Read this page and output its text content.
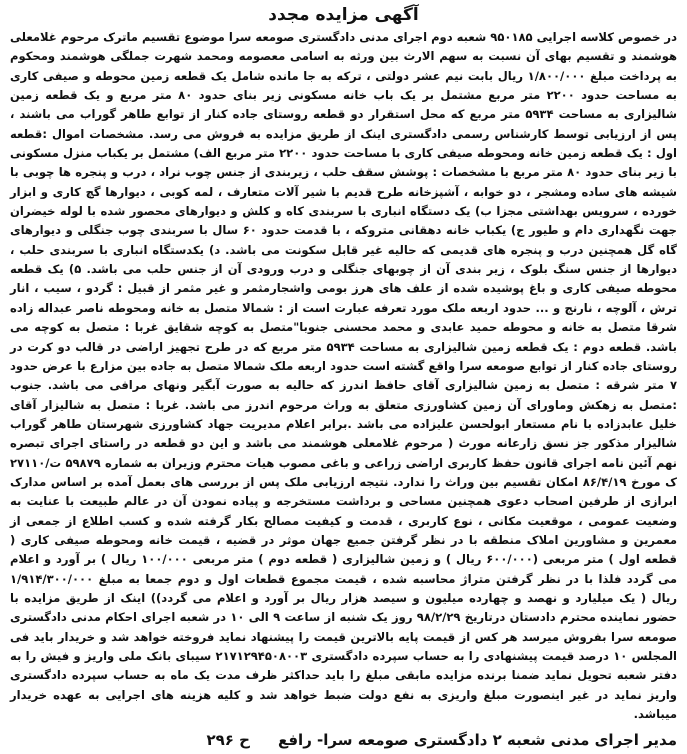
آگهی مزایده مجدد

در خصوص کلاسه اجرایی ۹۵۰۱۸۵ شعبه دوم اجرای مدنی دادگستری صومعه سرا موضوع تقسیم ماترک مرحوم غلامعلی هوشمند و تقسیم بهای آن نسبت به سهم الارث بین ورثه به اسامی معصومه ومحمد شهرت جملگی هوشمند ومحکوم به پرداخت مبلغ ۱/۸۰۰/۰۰۰ ریال بابت نیم عشر دولتی ، ترکه به جا مانده شامل یک قطعه زمین محوطه و صیفی کاری به مساحت حدود ۲۲۰۰ متر مربع مشتمل بر یک باب خانه مسکونی زیر بنای حدود ۸۰ متر مربع و یک قطعه زمین شالیزاری به مساحت ۵۹۳۴ متر مربع که محل استقرار دو قطعه روستای جاده کنار از توابع طاهر گوراب می باشند ، پس از ارزیابی توسط کارشناس رسمی دادگستری اینک از طریق مزایده به فروش می رسد. مشخصات اموال :قطعه اول : یک قطعه زمین خانه ومحوطه صیفی کاری با مساحت حدود ۲۲۰۰ متر مربع الف) مشتمل بر یکباب منزل مسکونی با زیر بنای حدود ۸۰ متر مربع با مشخصات : پوشش سقف حلب ، زیربندی از جنس چوب نراد ، درب و پنجره ها چوبی با شیشه های ساده ومشجر ، دو خوابه ، آشپزخانه طرح قدیم با شیر آلات متعارف ، لمه کوبی ، دیوارها گچ کاری و ابزار خورده ، سرویس بهداشتی مجزا ب) یک دستگاه انباری با سربندی کاه و کلش و دیوارهای محصور شده با لوله خیضران جهت نگهداری دام و طیور ج) یکباب خانه دهقانی متروکه ، با قدمت حدود ۶۰ سال با سربندی چوب جنگلی و دیوارهای گاه گل همچنین درب و پنجره های قدیمی که حالیه غیر قابل سکونت می باشد. د) یکدستگاه انباری با سربندی حلب ، دیوارها از جنس سنگ بلوک ، زیر بندی آن از چوبهای جنگلی و درب ورودی آن از جنس حلب می باشد. ۵) یک قطعه محوطه صیفی کاری و باغ پوشیده شده از علف های هرز بومی واشجارمثمر و غیر مثمر از قبیل : گردو ، سیب ، انار ترش ، آلوچه ، نارنج و ... حدود اربعه ملک مورد تعرفه عبارت است از : شمالا متصل به خانه ومحوطه ناصر عبداله زاده شرقا متصل به خانه و محوطه حمید عابدی و محمد محسنی جنوبا"متصل به کوچه شقایق غربا : متصل به کوچه می باشد. قطعه دوم : یک قطعه زمین شالیزاری به مساحت ۵۹۳۴ متر مربع که در طرح تجهیز اراضی در قالب دو کرت در روستای جاده کنار از توابع صومعه سرا واقع گشته است حدود اربعه ملک شمالا متصل به جاده بین مزارع با عرض حدود ۷ متر شرقه : متصل به زمین شالیزاری آقای حافظ اندرز که حالیه به صورت آبگیر ونهای مرافی می باشد. جنوب :متصل به زهکش وماورای آن زمین کشاورزی متعلق به وراث مرحوم اندرز می باشد. غربا : متصل به شالیزار آقای خلیل عابدزاده با نام مستعار ابولحسن علیزاده می باشد .برابر اعلام مدیریت جهاد کشاورزی شهرستان طاهر گوراب شالیزار مذکور جز نسق زارعانه مورث ( مرحوم غلامعلی هوشمند می باشد و این دو قطعه در راستای اجرای تبصره نهم آئین نامه اجرای قانون حفظ کاربری اراضی زراعی و باغی مصوب هیات محترم وزیران به شماره ۵۹۸۷۹ ت/۲۷۱۱۰ ک مورخ ۸۶/۴/۱۹ امکان تقسیم بین وراث را ندارد. نتیجه ارزیابی ملک پس از بررسی های بعمل آمده بر اساس مدارک ابرازی از طرفین اصحاب دعوی همچنین مساحی و برداشت مستخرجه و پیاده نمودن آن در عالم طبیعت با عنایت به وضعیت عمومی ، موقعیت مکانی ، نوع کاربری ، قدمت و کیفیت مصالح بکار گرفته شده و کسب اطلاع از جمعی از معمرین و مشاورین املاک منطقه با در نظر گرفتن جمیع جهان موثر در قضیه ، قیمت خانه ومحوطه صیفی کاری ( قطعه اول ) متر مربعی (۶۰۰/۰۰۰ ریال ) و زمین شالیزاری ( قطعه دوم ) متر مربعی ۱۰۰/۰۰۰ ریال ) بر آورد و اعلام می گردد فلذا با در نظر گرفتن متراژ محاسبه شده ، قیمت مجموع قطعات اول و دوم جمعا به مبلغ ۱/۹۱۴/۳۰۰/۰۰۰ ریال ( یک میلیارد و نهصد و چهارده میلیون و سیصد هزار ریال بر آورد و اعلام می گردد)) اینک از طریق مزایده با حضور نماینده محترم دادستان درتاریخ ۹۸/۲/۲۹ روز یک شنبه از ساعت ۹ الی ۱۰ در شعبه اجرای احکام مدنی دادگستری صومعه سرا بفروش میرسد هر کس از قیمت پایه بالاترین قیمت را پیشنهاد نماید فروخته خواهد شد و خریدار باید فی المجلس ۱۰ درصد قیمت پیشنهادی را به حساب سپرده دادگستری ۲۱۷۱۲۹۴۵۰۸۰۰۳ سیبای بانک ملی واریز و فیش را به دفتر شعبه تحویل نماید ضمنا برنده مزایده مابقی مبلغ را باید حداکثر ظرف مدت یک ماه به حساب سپرده دادگستری واریز نماید در غیر اینصورت مبلغ واریزی به نفع دولت ضبط خواهد شد و کلیه هزینه های اجرایی به عهده خریدار میباشد.

مدیر اجرای مدنی شعبه ۲ دادگستری صومعه سرا- رافع
ح ۲۹۶
